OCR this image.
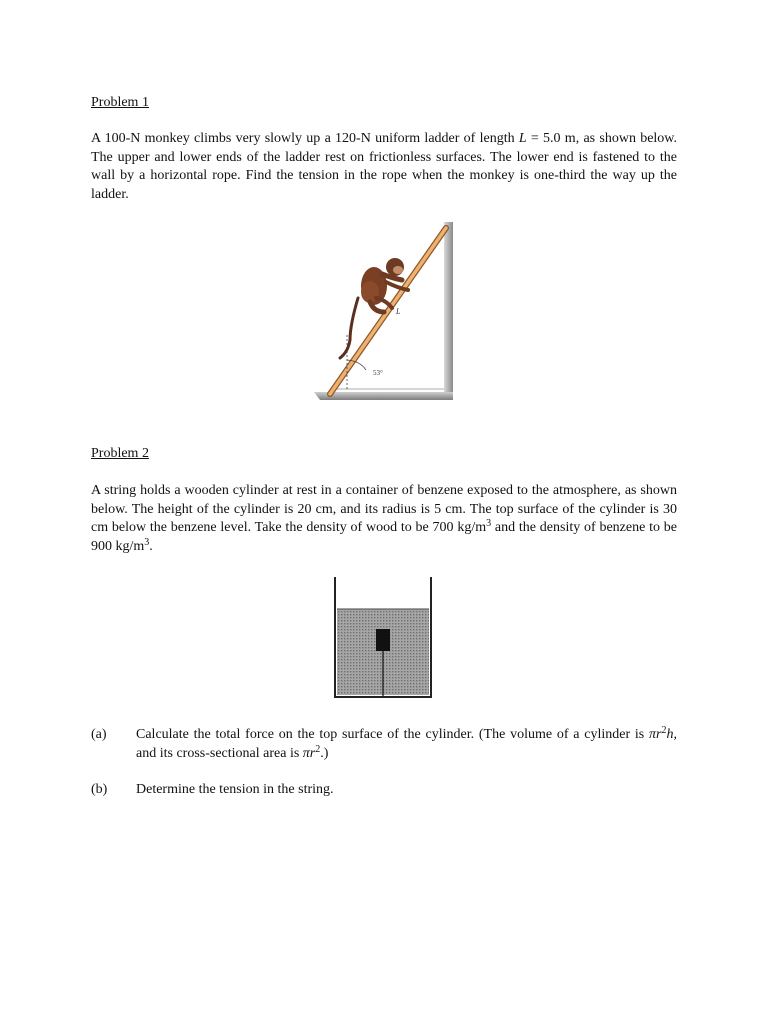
Problem 1
A 100-N monkey climbs very slowly up a 120-N uniform ladder of length L = 5.0 m, as shown below. The upper and lower ends of the ladder rest on frictionless surfaces. The lower end is fastened to the wall by a horizontal rope. Find the tension in the rope when the monkey is one-third the way up the ladder.
53°
L
Problem 2
A string holds a wooden cylinder at rest in a container of benzene exposed to the atmosphere, as shown below. The height of the cylinder is 20 cm, and its radius is 5 cm. The top surface of the cylinder is 30 cm below the benzene level. Take the density of wood to be 700 $kg/m^3$ and the density of benzene to be 900 $kg/m^3$.
(a) Calculate the total force on the top surface of the cylinder. (The volume of a cylinder is $\pi r^2h$, and its cross-sectional area is $\pi r^2$.)
(b) Determine the tension in the string.
